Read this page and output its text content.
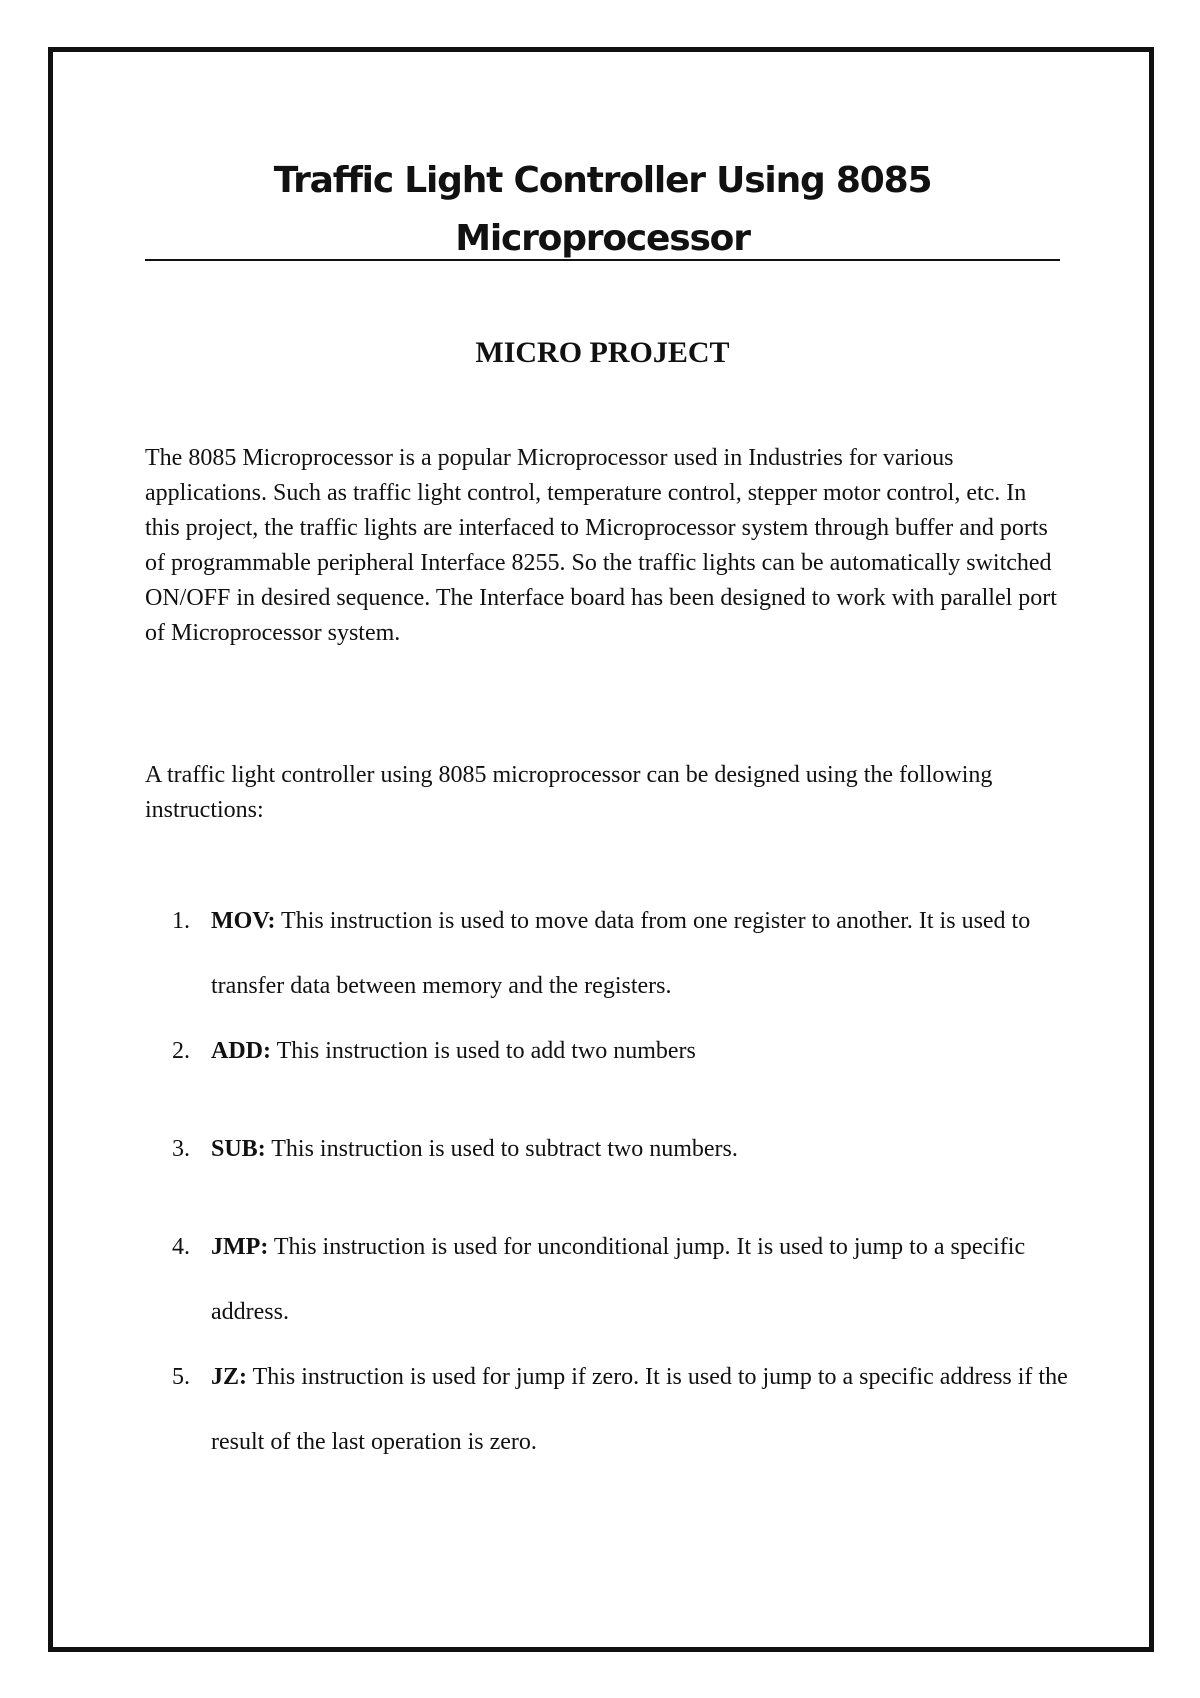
Traffic Light Controller Using 8085
Microprocessor
MICRO PROJECT

The 8085 Microprocessor is a popular Microprocessor used in Industries for various applications. Such as traffic light control, temperature control, stepper motor control, etc. In this project, the traffic lights are interfaced to Microprocessor system through buffer and ports of programmable peripheral Interface 8255. So the traffic lights can be automatically switched ON/OFF in desired sequence. The Interface board has been designed to work with parallel port of Microprocessor system.

A traffic light controller using 8085 microprocessor can be designed using the following instructions:

1. MOV: This instruction is used to move data from one register to another. It is used to transfer data between memory and the registers.
2. ADD: This instruction is used to add two numbers
3. SUB: This instruction is used to subtract two numbers.
4. JMP: This instruction is used for unconditional jump. It is used to jump to a specific address.
5. JZ: This instruction is used for jump if zero. It is used to jump to a specific address if the result of the last operation is zero.
